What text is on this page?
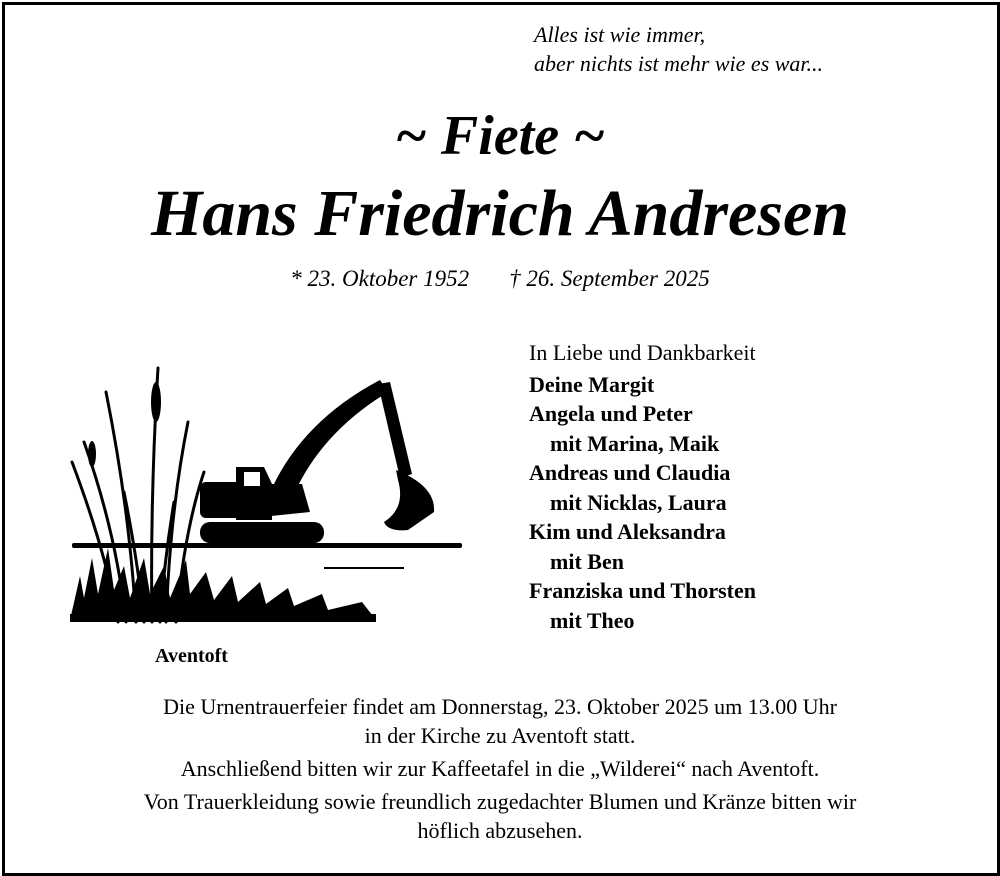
Alles ist wie immer,
aber nichts ist mehr wie es war...
~ Fiete ~
Hans Friedrich Andresen
* 23. Oktober 1952 † 26. September 2025
Aventoft
In Liebe und Dankbarkeit
Deine Margit
Angela und Peter
mit Marina, Maik
Andreas und Claudia
mit Nicklas, Laura
Kim und Aleksandra
mit Ben
Franziska und Thorsten
mit Theo

Die Urnentrauerfeier findet am Donnerstag, 23. Oktober 2025 um 13.00 Uhr
in der Kirche zu Aventoft statt.

Anschließend bitten wir zur Kaffeetafel in die „Wilderei“ nach Aventoft.

Von Trauerkleidung sowie freundlich zugedachter Blumen und Kränze bitten wir
höflich abzusehen.
